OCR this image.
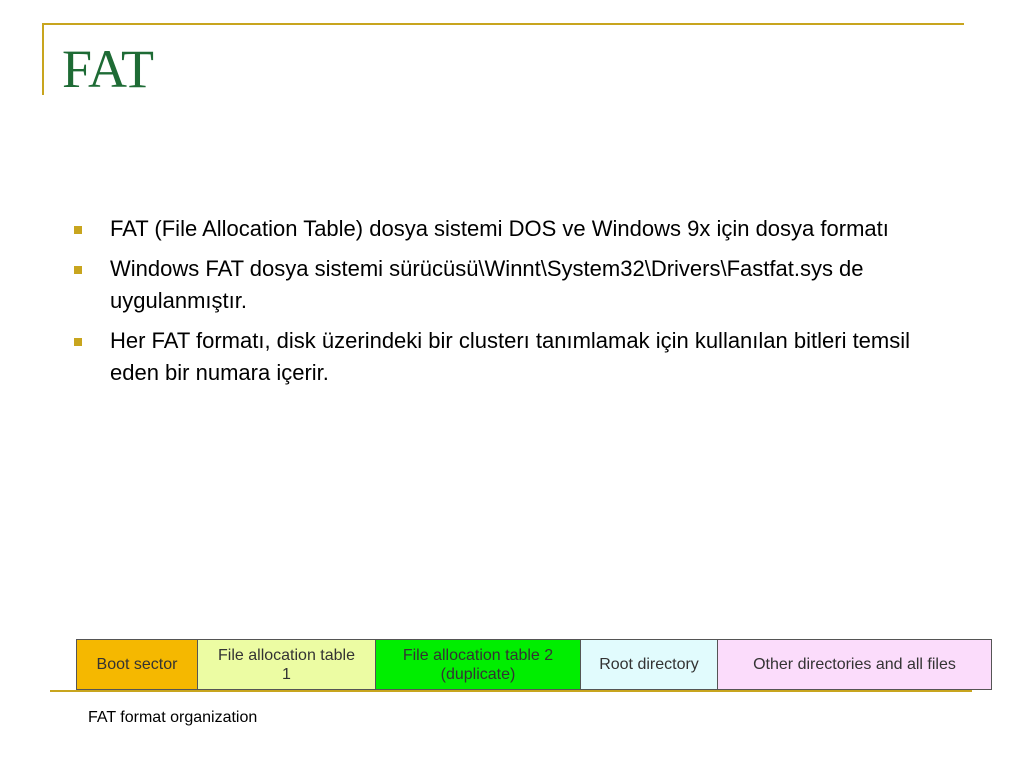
FAT
FAT (File Allocation Table) dosya sistemi DOS ve Windows 9x için dosya formatı
Windows FAT dosya sistemi sürücüsü\Winnt\System32\Drivers\Fastfat.sys de uygulanmıştır.
Her FAT formatı, disk üzerindeki bir clusterı tanımlamak için kullanılan bitleri temsil eden bir numara içerir.
Boot sector
File allocation table 1
File allocation table 2 (duplicate)
Root directory	Other directories and all files
FAT format organization
